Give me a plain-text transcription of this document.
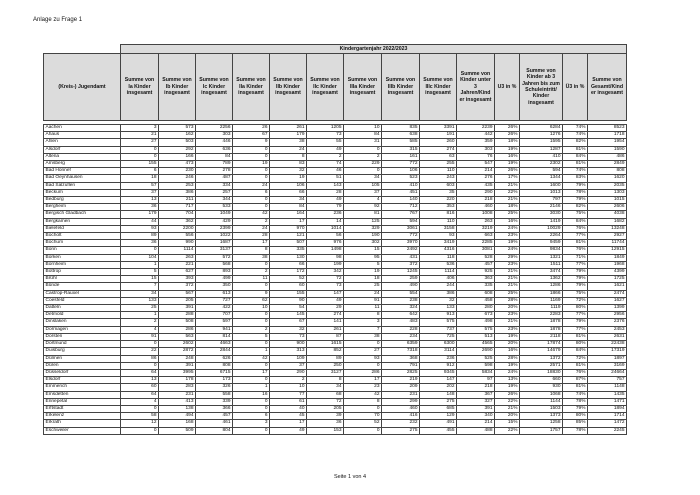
Anlage zu Frage 1
	Kindergartenjahr 2022/2023													
(Kreis-) Jugendamt	Summe von Ia Kinder insgesamt	Summe von Ib Kinder insgesamt	Summe von Ic Kinder insgesamt	Summe von IIa Kinder insgesamt	Summe von IIb Kinder insgesamt	Summe von IIc Kinder insgesamt	Summe von IIIa Kinder insgesamt	Summe von IIIb Kinder insgesamt	Summe von IIIc Kinder insgesamt	Summe von Kinder unter 3 Jahren/Kind er insgesamt	U3 in %	Summe von Kinder ab 3 Jahren bis zum Schuleintritt/ Kinder insgesamt	Ü3 in %	Summe von Gesamt/Kind er insgesamt

Aachen	3	573	2256	26	261	1205	10	835	3391	2239	26%	6284	74%	8523
Ahaus	21	162	303	67	179	73	84	638	191	442	26%	1276	74%	1718
Ahlen	27	503	446	9	38	55	31	585	260	359	18%	1595	82%	1954
Alsdorf	0	292	636	0	24	49	0	315	274	303	19%	1287	81%	1590
Altena	0	166	84	0	8	2	2	161	63	76	16%	410	84%	486
Arnsberg	155	473	789	19	83	74	229	772	255	547	19%	2302	81%	2849
Bad Honnef	6	230	278	0	32	46	0	106	110	214	26%	594	74%	808
Bad Oeynhausen	18	246	487	0	19	51	34	523	243	276	17%	1344	83%	1620
Bad Salzuflen	57	253	334	24	106	143	105	410	603	435	21%	1600	79%	2035
Beckum	37	386	257	6	66	28	37	451	35	290	22%	1013	78%	1303
Bedburg	13	211	344	0	34	49	4	140	220	218	21%	797	79%	1015
Bergheim	36	717	533	0	84	79	92	712	353	460	18%	2146	82%	2606
Bergisch Gladbach	179	704	1049	42	164	236	81	767	816	1008	25%	3030	75%	4038
Bergkamen	44	362	429	2	17	14	125	594	110	263	16%	1419	84%	1682
Bielefeld	93	2200	2399	24	970	1014	329	3061	3158	3219	24%	10029	76%	13248
Bocholt	89	556	1022	28	121	56	190	772	93	663	23%	2264	77%	2927
Bochum	36	990	1687	17	507	976	302	3970	3419	2285	19%	9459	81%	11744
Bonn	0	1114	3137	8	335	1498	15	2492	4316	3081	24%	9834	76%	12915
Borken	104	263	572	38	130	98	95	431	118	528	29%	1321	71%	1849
Bornheim	1	221	568	0	66	199	5	372	536	457	23%	1511	77%	1968
Bottrop	5	627	893	2	172	342	19	1245	1114	925	21%	3474	79%	4399
Brühl	15	393	499	11	52	72	18	259	406	363	21%	1362	79%	1725
Bünde	7	372	350	0	60	73	25	490	244	335	21%	1286	79%	1621
Castrop-Rauxel	34	567	613	9	155	147	24	554	386	608	25%	1866	75%	2474
Coesfeld	133	205	727	62	90	49	91	238	32	458	28%	1169	72%	1627
Datteln	25	391	422	10	54	29	11	324	133	280	20%	1119	80%	1399
Detmold	1	288	707	0	145	274	8	642	913	673	23%	2283	77%	2956
Dinslaken	2	508	597	0	67	141	3	483	575	498	21%	1878	79%	2376
Dormagen	4	286	941	2	32	261	7	228	737	575	23%	1878	77%	2453
Dorsten	91	563	814	5	73	87	38	234	725	513	19%	2118	81%	2631
Dortmund	0	2602	4663	0	900	1615	0	6359	6300	4565	20%	17874	80%	22438
Duisburg	22	2872	2844	1	313	852	27	7318	3114	2690	16%	14679	84%	17319
Dülmen	86	248	626	42	109	89	93	368	236	525	28%	1372	72%	1897
Düren	0	391	808	0	37	250	0	791	912	598	19%	2571	81%	3169
Düsseldorf	64	3995	6715	17	290	3127	286	2825	9345	5834	24%	18830	76%	24664
Elsdorf	13	178	173	0	2	8	17	219	147	97	13%	660	87%	757
Emmerich	60	283	326	1	10	34	23	209	202	218	19%	930	81%	1148
Emsdetten	64	231	558	16	77	68	42	231	148	367	26%	1068	74%	1435
Ennepetal	4	413	339	0	61	72	8	299	275	327	22%	1144	78%	1471
Erftstadt	0	138	366	0	40	205	0	460	685	391	21%	1503	79%	1894
Erkelenz	58	494	457	6	45	39	70	416	129	340	20%	1373	80%	1714
Erkrath	12	168	461	3	17	36	52	232	491	214	15%	1258	85%	1472
Eschweiler	0	509	804	0	49	153	0	275	455	488	22%	1757	78%	2245
Seite 1 von 4
